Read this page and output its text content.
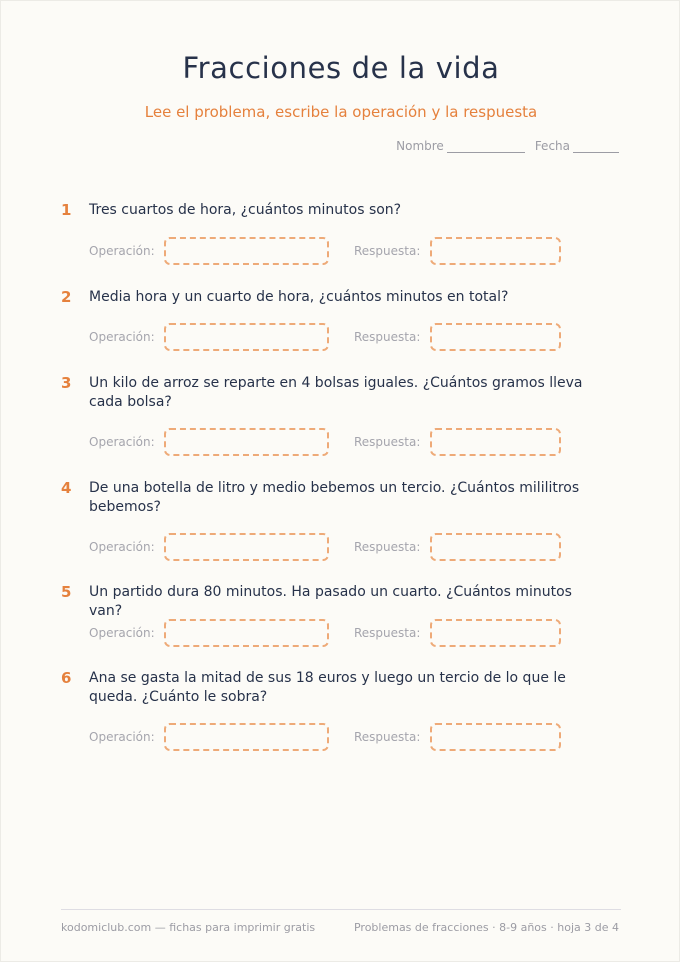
Fracciones de la vida
Lee el problema, escribe la operación y la respuesta
Nombre	Fecha
1 Tres cuartos de hora, ¿cuántos minutos son?
Operación:	Respuesta:
2 Media hora y un cuarto de hora, ¿cuántos minutos en total?
Operación:	Respuesta:
3 Un kilo de arroz se reparte en 4 bolsas iguales. ¿Cuántos gramos lleva cada bolsa?
Operación:	Respuesta:
4 De una botella de litro y medio bebemos un tercio. ¿Cuántos mililitros bebemos?
Operación:	Respuesta:
5 Un partido dura 80 minutos. Ha pasado un cuarto. ¿Cuántos minutos van?
Operación:	Respuesta:
6 Ana se gasta la mitad de sus 18 euros y luego un tercio de lo que le queda. ¿Cuánto le sobra?
Operación:	Respuesta:
kodomiclub.com — fichas para imprimir gratis	Problemas de fracciones · 8-9 años · hoja 3 de 4
